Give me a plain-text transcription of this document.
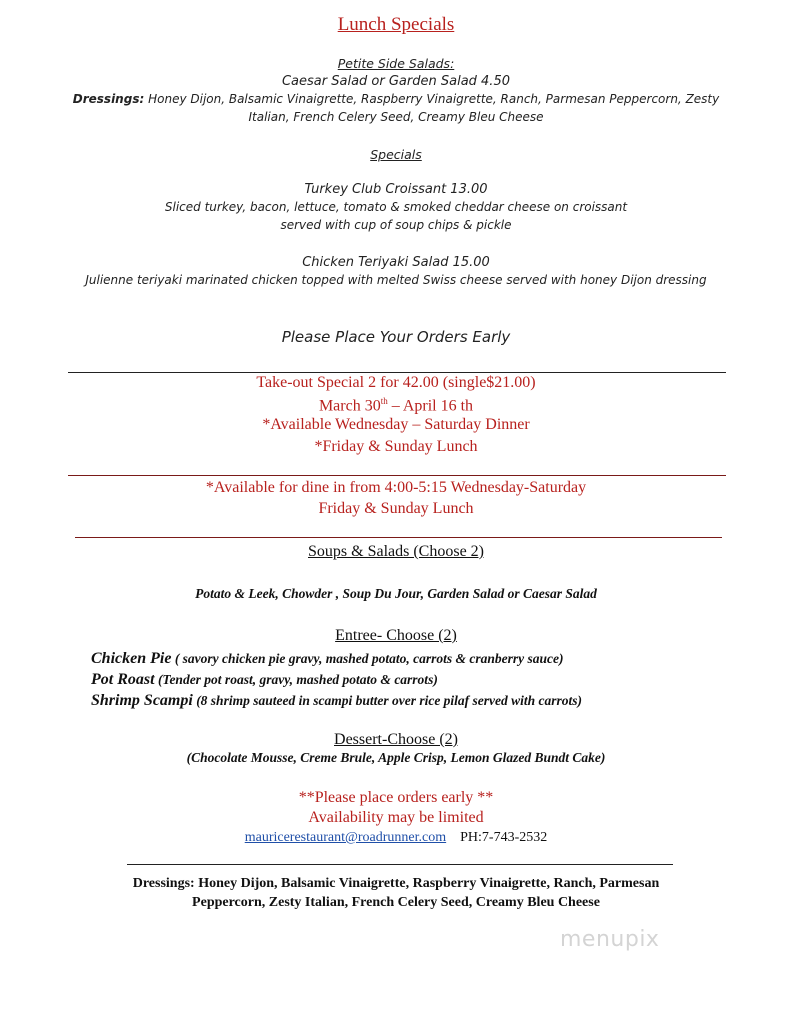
Lunch Specials
Petite Side Salads:
Caesar Salad or Garden Salad 4.50
Dressings: Honey Dijon, Balsamic Vinaigrette, Raspberry Vinaigrette, Ranch, Parmesan Peppercorn, Zesty
Italian, French Celery Seed, Creamy Bleu Cheese
Specials
Turkey Club Croissant 13.00
Sliced turkey, bacon, lettuce, tomato & smoked cheddar cheese on croissant
served with cup of soup chips & pickle
Chicken Teriyaki Salad 15.00
Julienne teriyaki marinated chicken topped with melted Swiss cheese served with honey Dijon dressing
Please Place Your Orders Early
Take-out Special 2 for 42.00 (single$21.00)
March 30th – April 16 th
*Available Wednesday – Saturday Dinner
*Friday & Sunday Lunch
*Available for dine in from 4:00-5:15 Wednesday-Saturday
Friday & Sunday Lunch
Soups & Salads (Choose 2)
Potato & Leek, Chowder , Soup Du Jour, Garden Salad or Caesar Salad
Entree- Choose (2)
Chicken Pie ( savory chicken pie gravy, mashed potato, carrots & cranberry sauce)
Pot Roast (Tender pot roast, gravy, mashed potato & carrots)
Shrimp Scampi (8 shrimp sauteed in scampi butter over rice pilaf served with carrots)
Dessert-Choose (2)
(Chocolate Mousse, Creme Brule, Apple Crisp, Lemon Glazed Bundt Cake)
**Please place orders early **
Availability may be limited
mauricerestaurant@roadrunner.com PH:7-743-2532
Dressings: Honey Dijon, Balsamic Vinaigrette, Raspberry Vinaigrette, Ranch, Parmesan
Peppercorn, Zesty Italian, French Celery Seed, Creamy Bleu Cheese
menupix
